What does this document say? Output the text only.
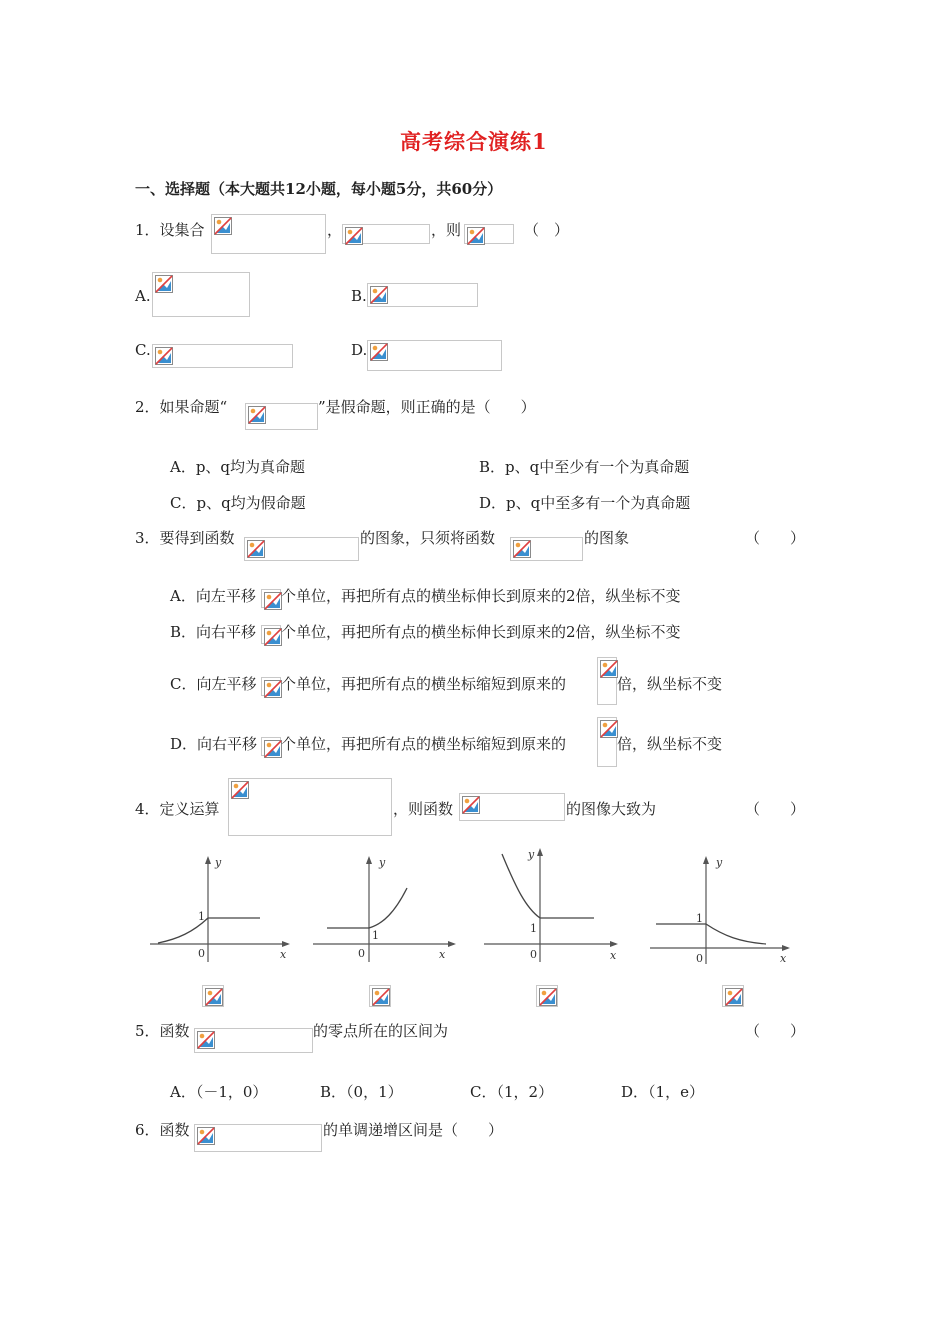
高考综合演练1
一、选择题（本大题共12小题，每小题5分，共60分）
1．设集合	，	，则	（　）
A.	B.
C.	D.
2．如果命题“	”是假命题，则正确的是（　　）
A．p、q均为真命题	B．p、q中至少有一个为真命题
C．p、q均为假命题	D．p、q中至多有一个为真命题
3．要得到函数	的图象，只须将函数	的图象	（　　）
A．向左平移 个单位，再把所有点的横坐标伸长到原来的2倍，纵坐标不变
B．向右平移 个单位，再把所有点的横坐标伸长到原来的2倍，纵坐标不变
C．向左平移 个单位，再把所有点的横坐标缩短到原来的	倍，纵坐标不变
D．向右平移 个单位，再把所有点的横坐标缩短到原来的	倍，纵坐标不变
4．定义运算	，则函数	的图像大致为	（　　）
y
x
0
1
y
x
0
1
y
x
0
1
y
x
0
1
5．函数	的零点所在的区间为	（　　）
A．（－1，0）	B．（0，1）	C．（1，2）	D．（1，e）
6．函数	的单调递增区间是（　　）
